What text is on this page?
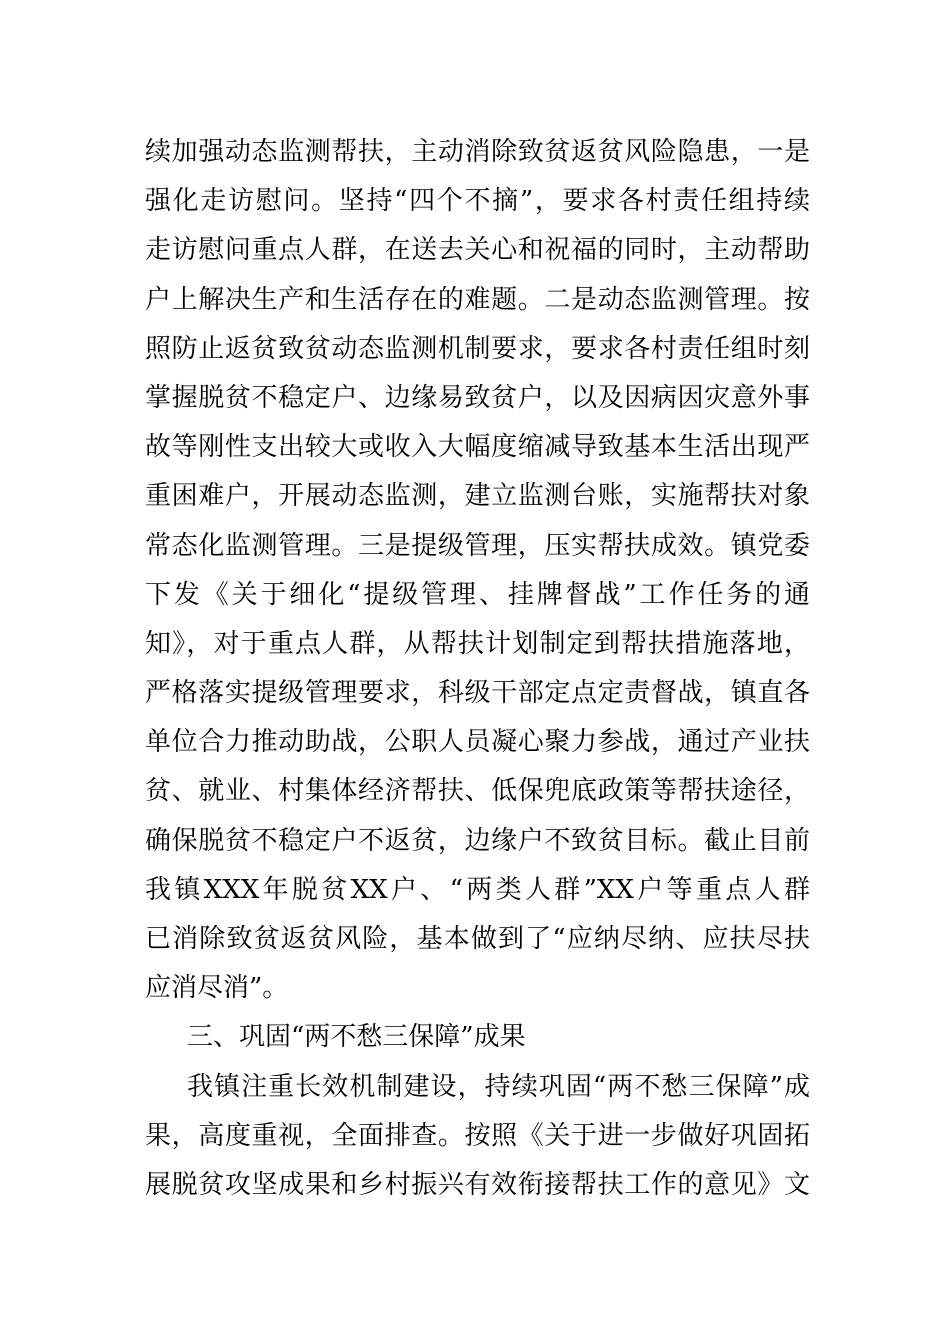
续加强动态监测帮扶，主动消除致贫返贫风险隐患，一是
强化走访慰问。坚持“四个不摘”，要求各村责任组持续
走访慰问重点人群，在送去关心和祝福的同时，主动帮助
户上解决生产和生活存在的难题。二是动态监测管理。按
照防止返贫致贫动态监测机制要求，要求各村责任组时刻
掌握脱贫不稳定户、边缘易致贫户，以及因病因灾意外事
故等刚性支出较大或收入大幅度缩减导致基本生活出现严
重困难户，开展动态监测，建立监测台账，实施帮扶对象
常态化监测管理。三是提级管理，压实帮扶成效。镇党委
下发《关于细化“提级管理、挂牌督战”工作任务的通
知》，对于重点人群，从帮扶计划制定到帮扶措施落地，
严格落实提级管理要求，科级干部定点定责督战，镇直各
单位合力推动助战，公职人员凝心聚力参战，通过产业扶
贫、就业、村集体经济帮扶、低保兜底政策等帮扶途径，
确保脱贫不稳定户不返贫，边缘户不致贫目标。截止目前
我镇XXX年脱贫XX户、“两类人群”XX户等重点人群
已消除致贫返贫风险，基本做到了“应纳尽纳、应扶尽扶
应消尽消”。
三、巩固“两不愁三保障”成果
我镇注重长效机制建设，持续巩固“两不愁三保障”成
果，高度重视，全面排查。按照《关于进一步做好巩固拓
展脱贫攻坚成果和乡村振兴有效衔接帮扶工作的意见》文
